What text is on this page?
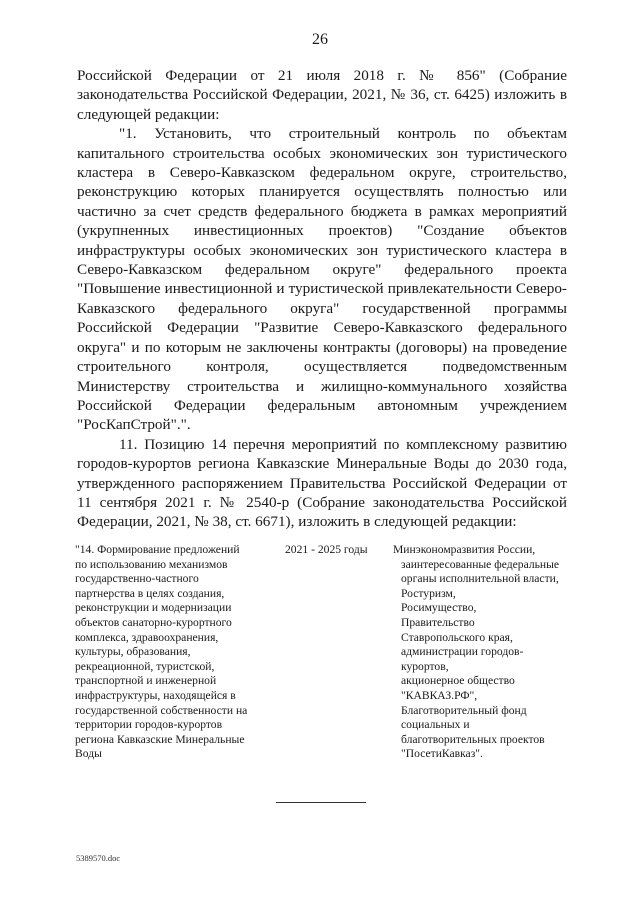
26

Российской Федерации от 21 июля 2018 г. № 856" (Собрание законодательства Российской Федерации, 2021, № 36, ст. 6425) изложить в следующей редакции:

"1. Установить, что строительный контроль по объектам капитального строительства особых экономических зон туристического кластера в Северо-Кавказском федеральном округе, строительство, реконструкцию которых планируется осуществлять полностью или частично за счет средств федерального бюджета в рамках мероприятий (укрупненных инвестиционных проектов) "Создание объектов инфраструктуры особых экономических зон туристического кластера в Северо-Кавказском федеральном округе" федерального проекта "Повышение инвестиционной и туристической привлекательности Северо-Кавказского федерального округа" государственной программы Российской Федерации "Развитие Северо-Кавказского федерального округа" и по которым не заключены контракты (договоры) на проведение строительного контроля, осуществляется подведомственным Министерству строительства и жилищно-коммунального хозяйства Российской Федерации федеральным автономным учреждением "РосКапСтрой".".

11. Позицию 14 перечня мероприятий по комплексному развитию городов-курортов региона Кавказские Минеральные Воды до 2030 года, утвержденного распоряжением Правительства Российской Федерации от 11 сентября 2021 г. № 2540-р (Собрание законодательства Российской Федерации, 2021, № 38, ст. 6671), изложить в следующей редакции:

"14. Формирование предложений
по использованию механизмов
государственно-частного
партнерства в целях создания,
реконструкции и модернизации
объектов санаторно-курортного
комплекса, здравоохранения,
культуры, образования,
рекреационной, туристской,
транспортной и инженерной
инфраструктуры, находящейся в
государственной собственности на
территории городов-курортов
региона Кавказские Минеральные
Воды
2021 - 2025 годы	Минэкономразвития России,
заинтересованные федеральные
органы исполнительной власти,
Ростуризм,
Росимущество,
Правительство
Ставропольского края,
администрации городов-
курортов,
акционерное общество
"КАВКАЗ.РФ",
Благотворительный фонд
социальных и
благотворительных проектов
"ПосетиКавказ".
5389570.doc
